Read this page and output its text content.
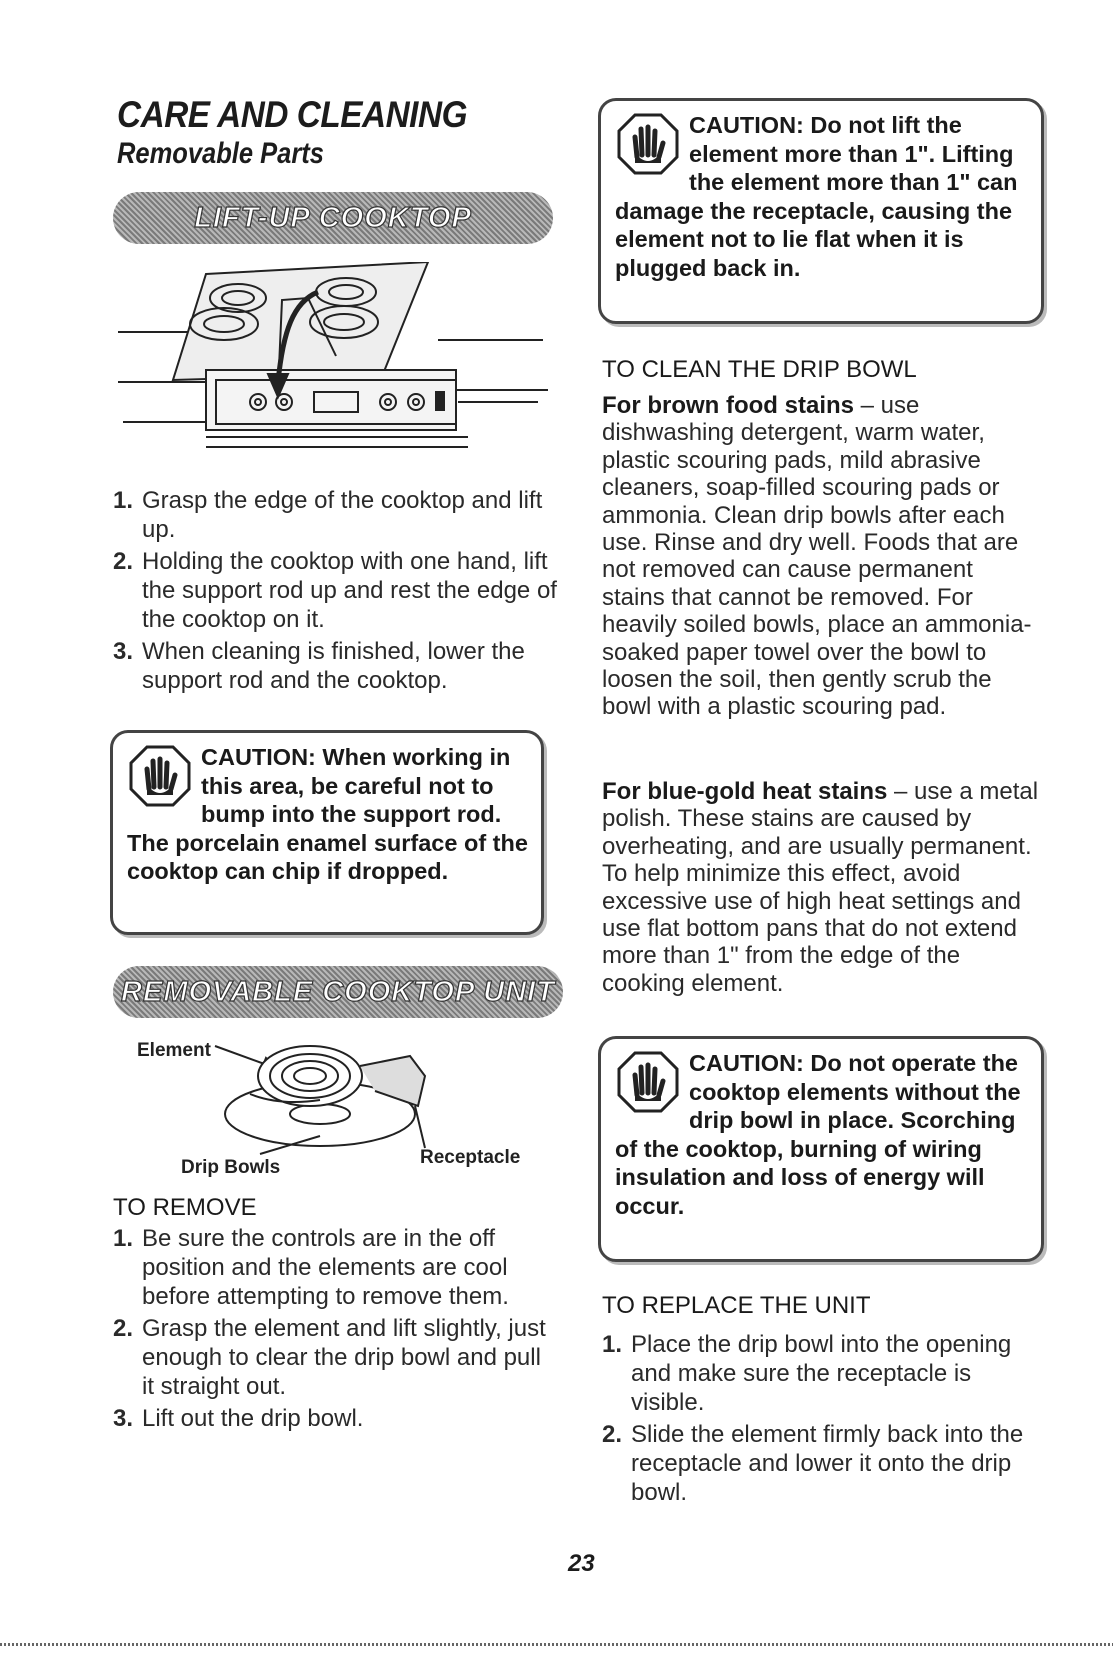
CARE AND CLEANING
Removable Parts
LIFT-UP COOKTOP
1. Grasp the edge of the cooktop and lift up.
2. Holding the cooktop with one hand, lift the support rod up and rest the edge of the cooktop on it.
3. When cleaning is finished, lower the support rod and the cooktop.
CAUTION: When working in this area, be careful not to bump into the support rod. The porcelain enamel surface of the cooktop can chip if dropped.
REMOVABLE COOKTOP UNIT
Element
Drip Bowls	Receptacle
TO REMOVE
1. Be sure the controls are in the off position and the elements are cool before attempting to remove them.
2. Grasp the element and lift slightly, just enough to clear the drip bowl and pull it straight out.
3. Lift out the drip bowl.
CAUTION: Do not lift the element more than 1". Lifting the element more than 1" can damage the receptacle, causing the element not to lie flat when it is plugged back in.
TO CLEAN THE DRIP BOWL

For brown food stains – use dishwashing detergent, warm water, plastic scouring pads, mild abrasive cleaners, soap-filled scouring pads or ammonia. Clean drip bowls after each use. Rinse and dry well. Foods that are not removed can cause permanent stains that cannot be removed. For heavily soiled bowls, place an ammonia-soaked paper towel over the bowl to loosen the soil, then gently scrub the bowl with a plastic scouring pad.

For blue-gold heat stains – use a metal polish. These stains are caused by overheating, and are usually permanent. To help minimize this effect, avoid excessive use of high heat settings and use flat bottom pans that do not extend more than 1" from the edge of the cooking element.

CAUTION: Do not operate the cooktop elements without the drip bowl in place. Scorching of the cooktop, burning of wiring insulation and loss of energy will occur.
TO REPLACE THE UNIT
1. Place the drip bowl into the opening and make sure the receptacle is visible.
2. Slide the element firmly back into the receptacle and lower it onto the drip bowl.
23
